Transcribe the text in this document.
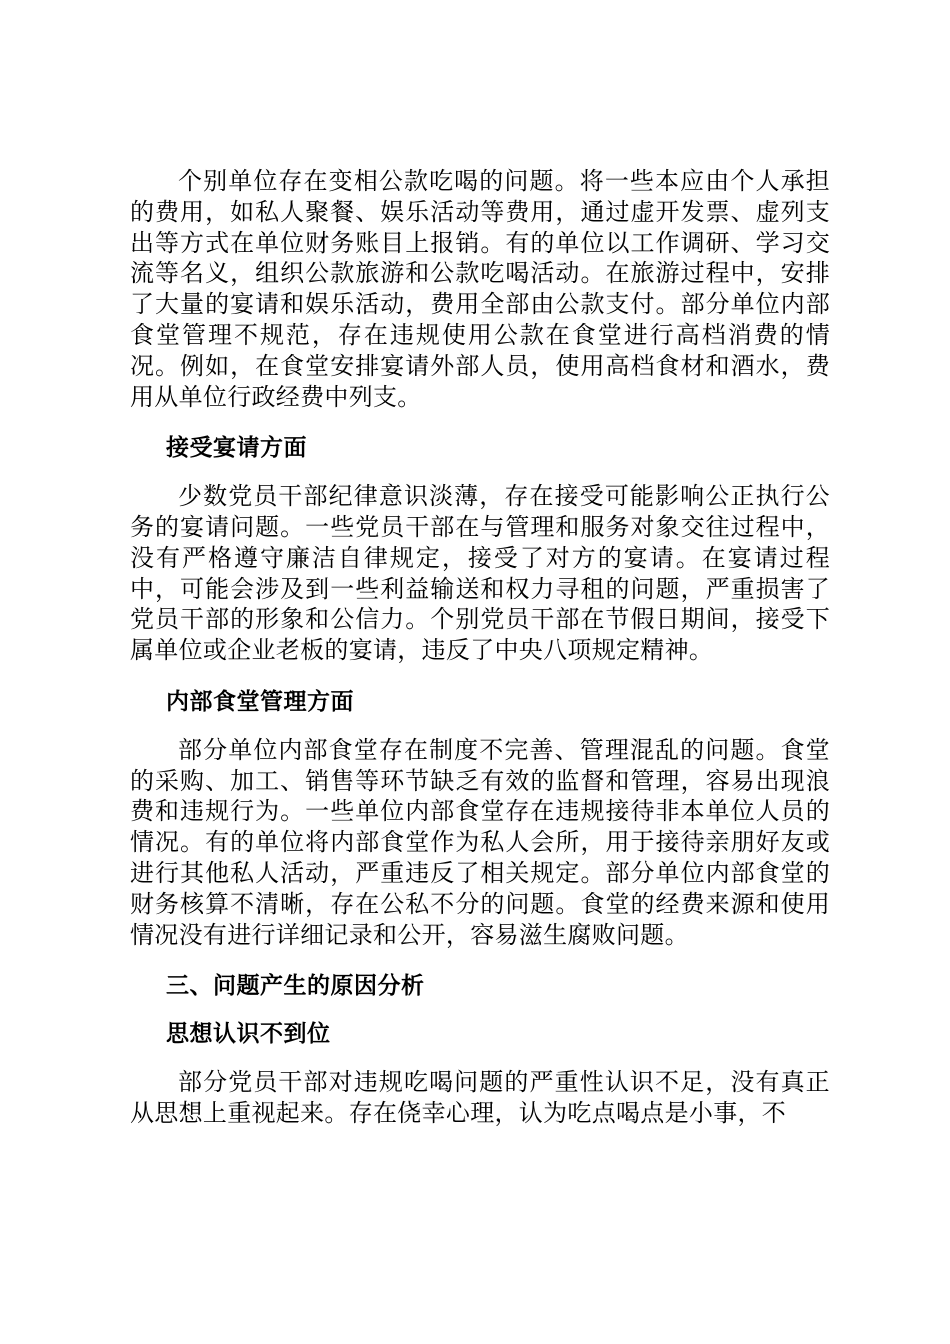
个别单位存在变相公款吃喝的问题。将一些本应由个人承担的费用，如私人聚餐、娱乐活动等费用，通过虚开发票、虚列支出等方式在单位财务账目上报销。有的单位以工作调研、学习交流等名义，组织公款旅游和公款吃喝活动。在旅游过程中，安排了大量的宴请和娱乐活动，费用全部由公款支付。部分单位内部食堂管理不规范，存在违规使用公款在食堂进行高档消费的情况。例如，在食堂安排宴请外部人员，使用高档食材和酒水，费用从单位行政经费中列支。

接受宴请方面

少数党员干部纪律意识淡薄，存在接受可能影响公正执行公务的宴请问题。一些党员干部在与管理和服务对象交往过程中，没有严格遵守廉洁自律规定，接受了对方的宴请。在宴请过程中，可能会涉及到一些利益输送和权力寻租的问题，严重损害了党员干部的形象和公信力。个别党员干部在节假日期间，接受下属单位或企业老板的宴请，违反了中央八项规定精神。

内部食堂管理方面

部分单位内部食堂存在制度不完善、管理混乱的问题。食堂的采购、加工、销售等环节缺乏有效的监督和管理，容易出现浪费和违规行为。一些单位内部食堂存在违规接待非本单位人员的情况。有的单位将内部食堂作为私人会所，用于接待亲朋好友或进行其他私人活动，严重违反了相关规定。部分单位内部食堂的财务核算不清晰，存在公私不分的问题。食堂的经费来源和使用情况没有进行详细记录和公开，容易滋生腐败问题。

三、问题产生的原因分析
思想认识不到位

部分党员干部对违规吃喝问题的严重性认识不足，没有真正从思想上重视起来。存在侥幸心理，认为吃点喝点是小事，不
